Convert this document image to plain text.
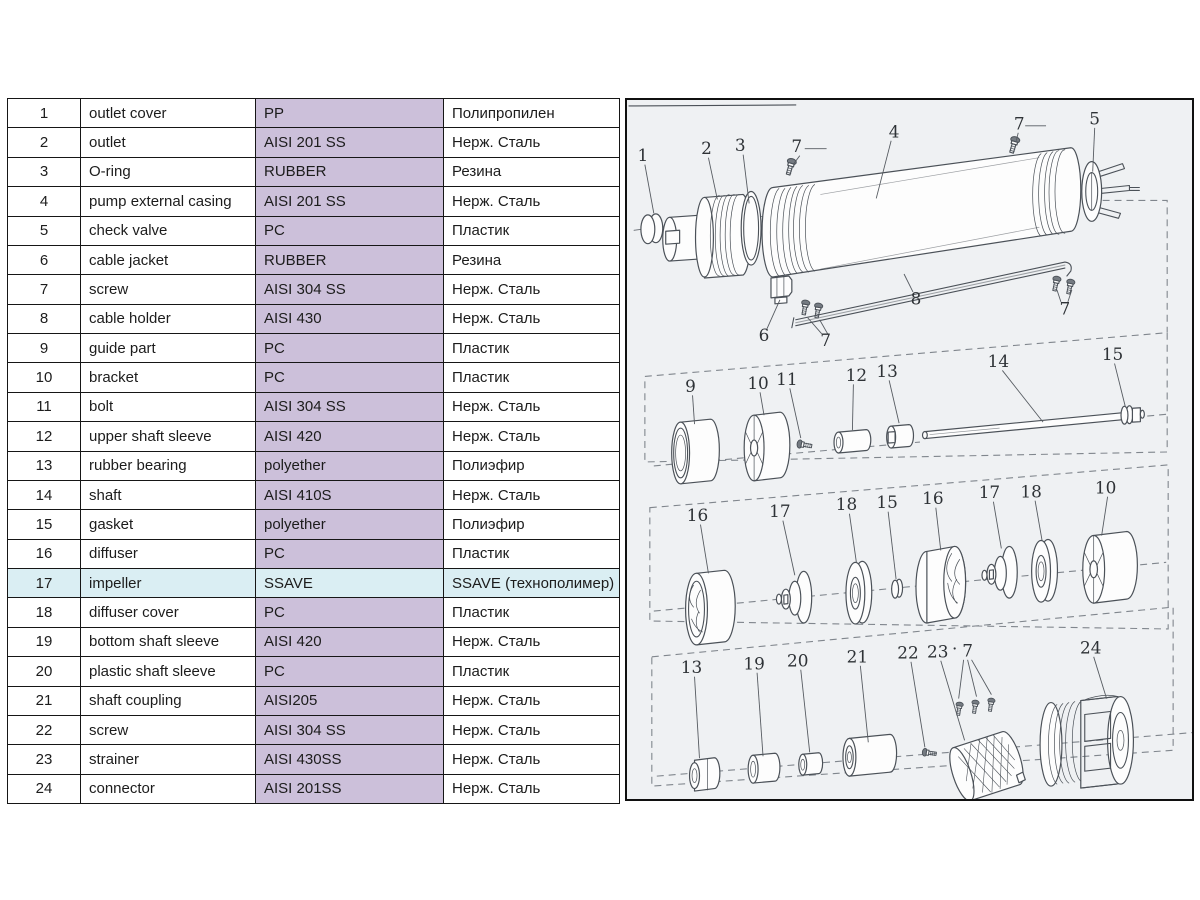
1	outlet cover	PP	Полипропилен
2	outlet	AISI 201 SS	Нерж. Сталь
3	O-ring	RUBBER	Резина
4	pump external casing	AISI 201 SS	Нерж. Сталь
5	check valve	PC	Пластик
6	cable jacket	RUBBER	Резина
7	screw	AISI 304 SS	Нерж. Сталь
8	cable holder	AISI 430	Нерж. Сталь
9	guide part	PC	Пластик
10	bracket	PC	Пластик
11	bolt	AISI 304 SS	Нерж. Сталь
12	upper shaft sleeve	AISI 420	Нерж. Сталь
13	rubber bearing	polyether	Полиэфир
14	shaft	AISI 410S	Нерж. Сталь
15	gasket	polyether	Полиэфир
16	diffuser	PC	Пластик
17	impeller	SSAVE	SSAVE (технополимер)
18	diffuser cover	PC	Пластик
19	bottom shaft sleeve	AISI 420	Нерж. Сталь
20	plastic shaft sleeve	PC	Пластик
21	shaft coupling	AISI205	Нерж. Сталь
22	screw	AISI 304 SS	Нерж. Сталь
23	strainer	AISI 430SS	Нерж. Сталь
24	connector	AISI 201SS	Нерж. Сталь
1	2 3	7
4	7	5
6	7
8	7
9	10 11	12 13	14	15
16	17	18 15 16 17 18	10
13 19 20 21 22 23 · 7	24
